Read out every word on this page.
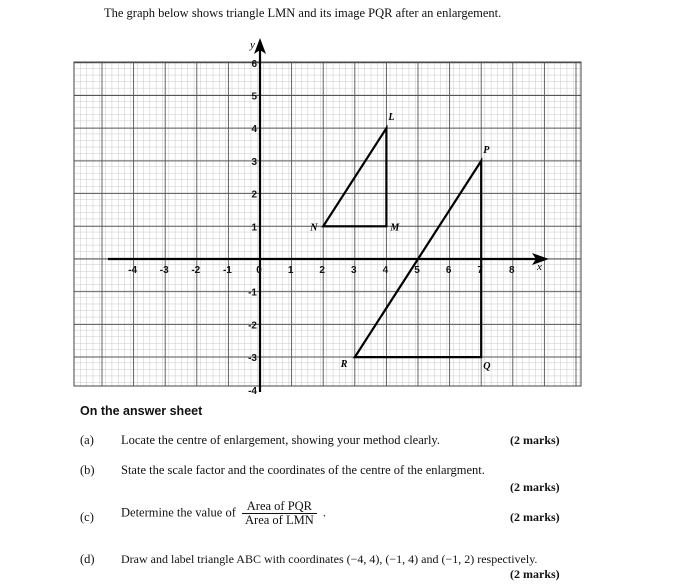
The graph below shows triangle LMN and its image PQR after an enlargement.
x
y
-4 -3 -2 -1 0	1	2	3	4	5	6	7	8
6
5
4
3
2
1
-1
-2
-3
-4
L
M
N
P
Q
R
On the answer sheet
(a) Locate the centre of enlargement, showing your method clearly.	(2 marks)
(b) State the scale factor and the coordinates of the centre of the enlargment.
(2 marks)
(c) Determine the value of $\frac{\text{Area of PQR}}{\text{Area of LMN}}$ .	(2 marks)
(d) Draw and label triangle ABC with coordinates (−4, 4), (−1, 4) and (−1, 2) respectively.
(2 marks)
